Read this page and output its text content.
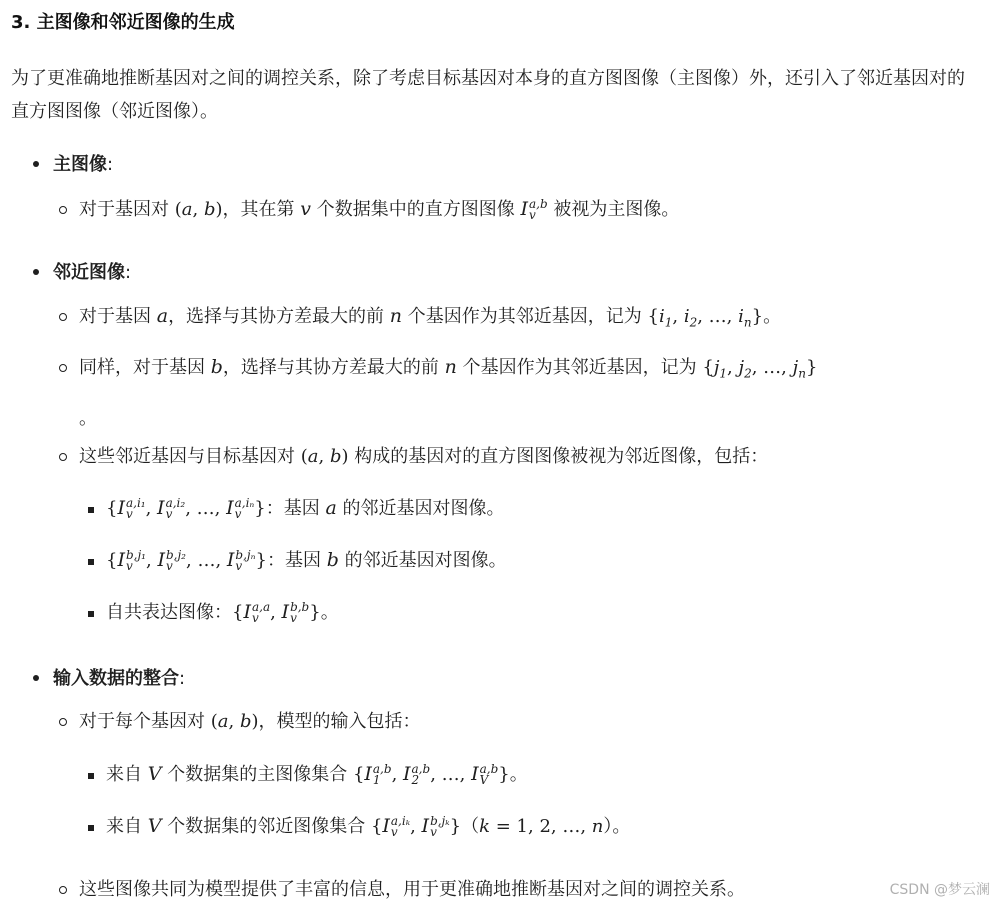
3. 主图像和邻近图像的生成
为了更准确地推断基因对之间的调控关系，除了考虑目标基因对本身的直方图图像（主图像）外，还引入了邻近基因对的直方图图像（邻近图像）。
主图像:
对于基因对 (a, b)，其在第 v 个数据集中的直方图图像 I a,b
v 被视为主图像。
邻近图像:
对于基因 a，选择与其协方差最大的前 n 个基因作为其邻近基因，记为 {$i_1$, $i_2$, …, $i_n$}。
同样，对于基因 b，选择与其协方差最大的前 n 个基因作为其邻近基因，记为 {$j_1$, $j_2$, …, $j_n$}
。
这些邻近基因与目标基因对 (a, b) 构成的基因对的直方图图像被视为邻近图像，包括：
{I a,i₁
v , I a,i₂
v , …, I a,iₙ
v }：基因 a 的邻近基因对图像。
{I b,j₁
v , I b,j₂
v , …, I b,jₙ
v }：基因 b 的邻近基因对图像。
自共表达图像：{I a,a
v , I b,b
v }。
输入数据的整合:
对于每个基因对 (a, b)，模型的输入包括：
来自 V 个数据集的主图像集合 {I a,b
1 , I a,b
2 , …, I a,b
V }。
来自 V 个数据集的邻近图像集合 {I a,iₖ
v , I b,jₖ
v }（k = 1, 2, …, n）。
这些图像共同为模型提供了丰富的信息，用于更准确地推断基因对之间的调控关系。	CSDN @梦云澜
